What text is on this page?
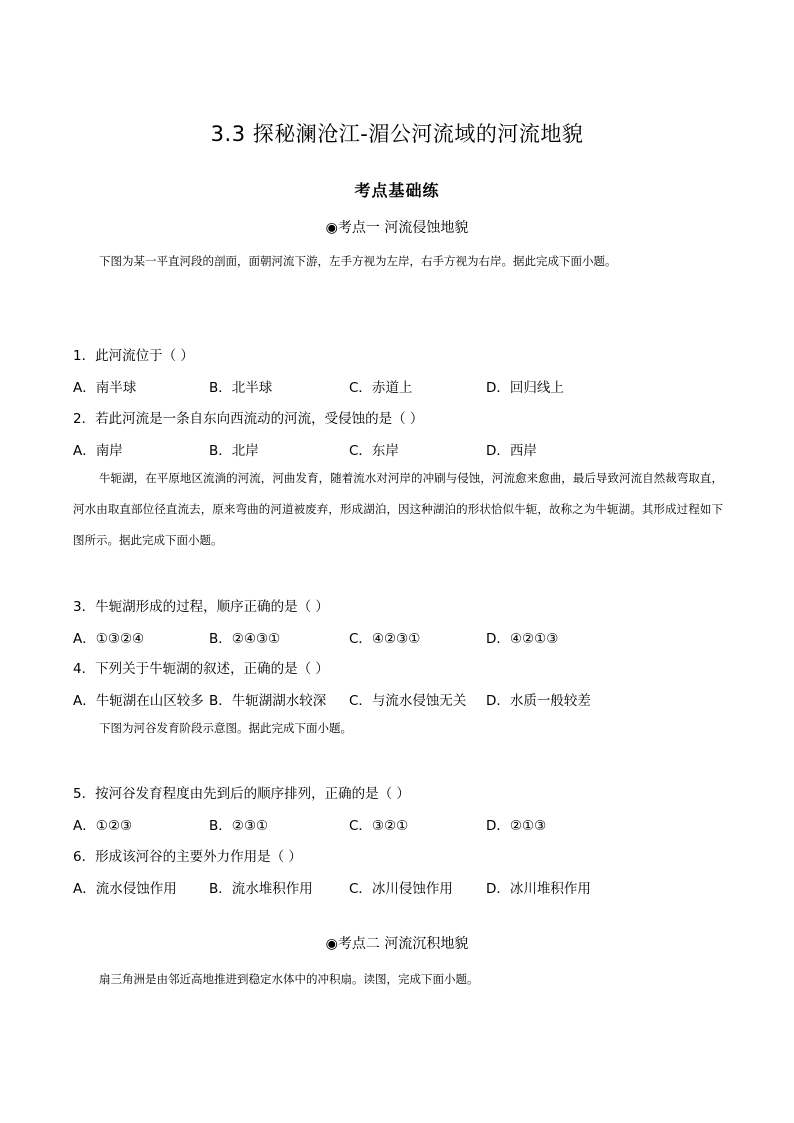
3.3 探秘澜沧江-湄公河流域的河流地貌
考点基础练
◉考点一 河流侵蚀地貌
下图为某一平直河段的剖面，面朝河流下游，左手方视为左岸，右手方视为右岸。据此完成下面小题。
1．此河流位于（ ）
A．南半球	B．北半球	C．赤道上	D．回归线上
2．若此河流是一条自东向西流动的河流，受侵蚀的是（ ）
A．南岸	B．北岸	C．东岸	D．西岸
牛轭湖，在平原地区流淌的河流，河曲发育，随着流水对河岸的冲刷与侵蚀，河流愈来愈曲，最后导致河流自然裁弯取直，河水由取直部位径直流去，原来弯曲的河道被废弃，形成湖泊，因这种湖泊的形状恰似牛轭，故称之为牛轭湖。其形成过程如下图所示。据此完成下面小题。
3．牛轭湖形成的过程，顺序正确的是（ ）
A．①③②④	B．②④③①	C．④②③①	D．④②①③
4．下列关于牛轭湖的叙述，正确的是（ ）
A．牛轭湖在山区较多 B．牛轭湖湖水较深 C．与流水侵蚀无关 D．水质一般较差
下图为河谷发育阶段示意图。据此完成下面小题。
5．按河谷发育程度由先到后的顺序排列，正确的是（ ）
A．①②③	B．②③①	C．③②①	D．②①③
6．形成该河谷的主要外力作用是（ ）
A．流水侵蚀作用 B．流水堆积作用	C．冰川侵蚀作用 D．冰川堆积作用
◉考点二 河流沉积地貌
扇三角洲是由邻近高地推进到稳定水体中的冲积扇。读图，完成下面小题。
